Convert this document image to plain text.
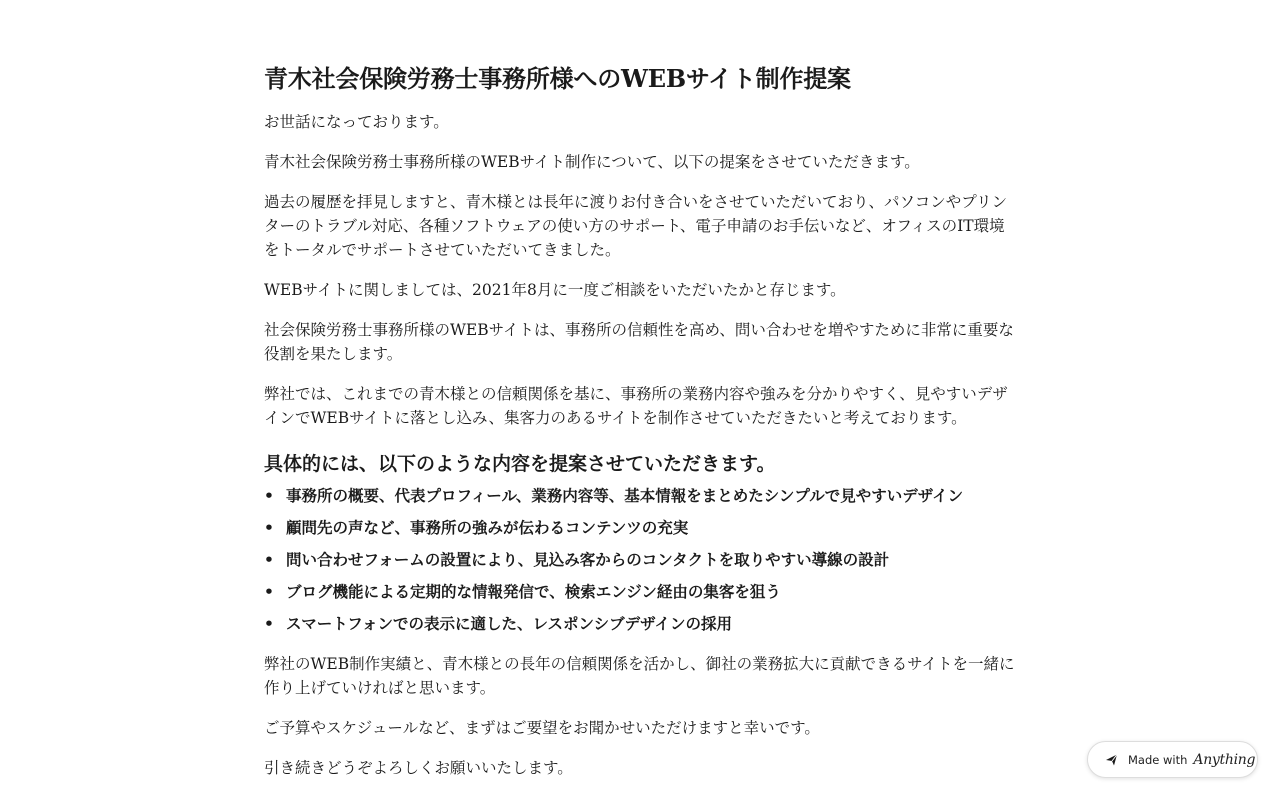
青木社会保険労務士事務所様へのWEBサイト制作提案

お世話になっております。

青木社会保険労務士事務所様のWEBサイト制作について、以下の提案をさせていただきます。

過去の履歴を拝見しますと、青木様とは長年に渡りお付き合いをさせていただいており、パソコンやプリンターのトラブル対応、各種ソフトウェアの使い方のサポート、電子申請のお手伝いなど、オフィスのIT環境をトータルでサポートさせていただいてきました。

WEBサイトに関しましては、2021年8月に一度ご相談をいただいたかと存じます。

社会保険労務士事務所様のWEBサイトは、事務所の信頼性を高め、問い合わせを増やすために非常に重要な役割を果たします。

弊社では、これまでの青木様との信頼関係を基に、事務所の業務内容や強みを分かりやすく、見やすいデザインでWEBサイトに落とし込み、集客力のあるサイトを制作させていただきたいと考えております。

具体的には、以下のような内容を提案させていただきます。
• 事務所の概要、代表プロフィール、業務内容等、基本情報をまとめたシンプルで見やすいデザイン
• 顧問先の声など、事務所の強みが伝わるコンテンツの充実
• 問い合わせフォームの設置により、見込み客からのコンタクトを取りやすい導線の設計
• ブログ機能による定期的な情報発信で、検索エンジン経由の集客を狙う
• スマートフォンでの表示に適した、レスポンシブデザインの採用

弊社のWEB制作実績と、青木様との長年の信頼関係を活かし、御社の業務拡大に貢献できるサイトを一緒に作り上げていければと思います。

ご予算やスケジュールなど、まずはご要望をお聞かせいただけますと幸いです。

引き続きどうぞよろしくお願いいたします。	Made with Anything
